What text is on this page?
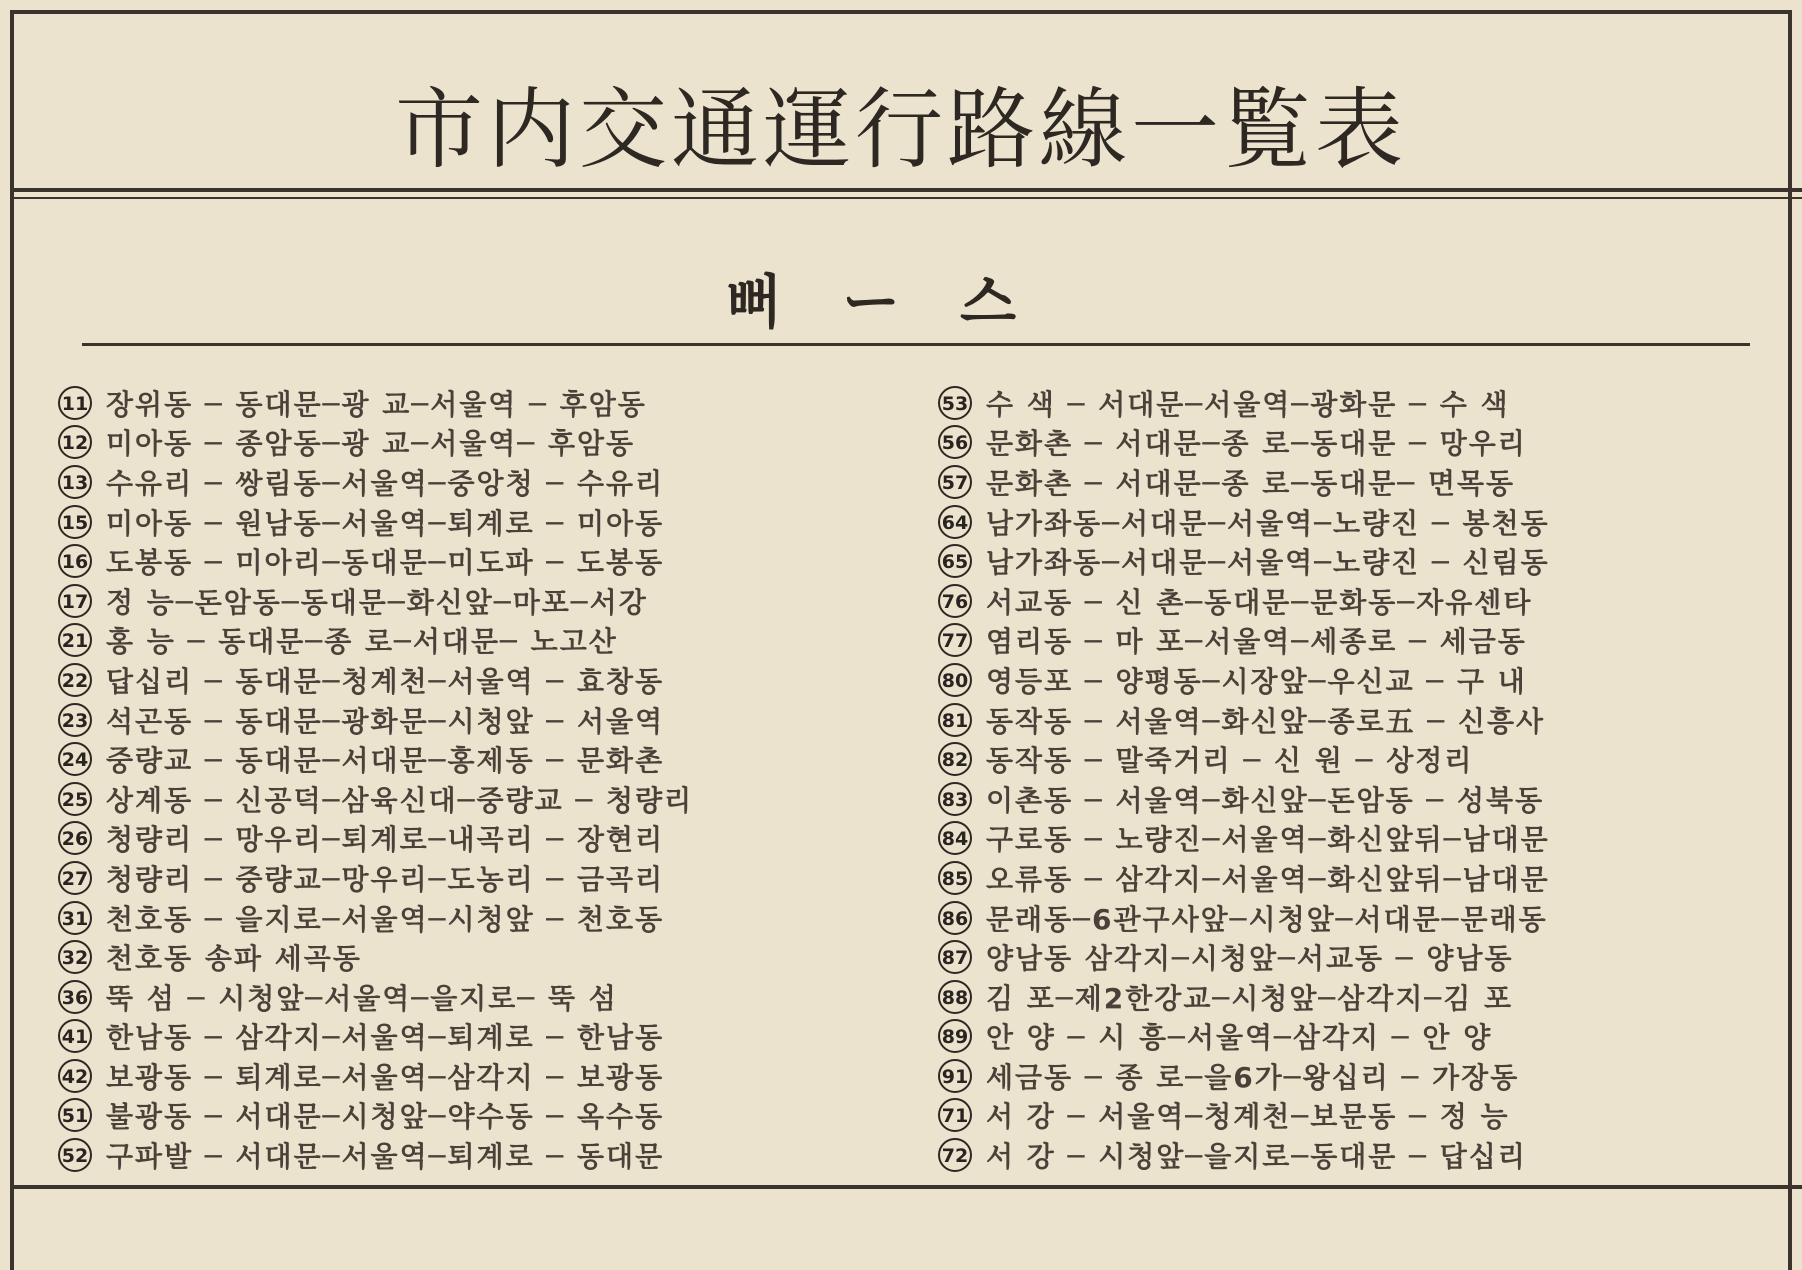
市内交通運行路線一覧表
뻐ー스
11 장위동 ─ 동대문─광 교─서울역 ─ 후암동
12 미아동 ─ 종암동─광 교─서울역─ 후암동
13 수유리 ─ 쌍림동─서울역─중앙청 ─ 수유리
15 미아동 ─ 원남동─서울역─퇴계로 ─ 미아동
16 도봉동 ─ 미아리─동대문─미도파 ─ 도봉동
17 정 능─돈암동─동대문─화신앞─마포─서강
21 홍 능 ─ 동대문─종 로─서대문─ 노고산
22 답십리 ─ 동대문─청계천─서울역 ─ 효창동
23 석곤동 ─ 동대문─광화문─시청앞 ─ 서울역
24 중량교 ─ 동대문─서대문─홍제동 ─ 문화촌
25 상계동 ─ 신공덕─삼육신대─중량교 ─ 청량리
26 청량리 ─ 망우리─퇴계로─내곡리 ─ 장현리
27 청량리 ─ 중량교─망우리─도농리 ─ 금곡리
31 천호동 ─ 을지로─서울역─시청앞 ─ 천호동
32 천호동 송파 세곡동
36 뚝 섬 ─ 시청앞─서울역─을지로─ 뚝 섬
41 한남동 ─ 삼각지─서울역─퇴계로 ─ 한남동
42 보광동 ─ 퇴계로─서울역─삼각지 ─ 보광동
51 불광동 ─ 서대문─시청앞─약수동 ─ 옥수동
52 구파발 ─ 서대문─서울역─퇴계로 ─ 동대문
53 수 색 ─ 서대문─서울역─광화문 ─ 수 색
56 문화촌 ─ 서대문─종 로─동대문 ─ 망우리
57 문화촌 ─ 서대문─종 로─동대문─ 면목동
64 남가좌동─서대문─서울역─노량진 ─ 봉천동
65 남가좌동─서대문─서울역─노량진 ─ 신림동
76 서교동 ─ 신 촌─동대문─문화동─자유센타
77 염리동 ─ 마 포─서울역─세종로 ─ 세금동
80 영등포 ─ 양평동─시장앞─우신교 ─ 구 내
81 동작동 ─ 서울역─화신앞─종로五 ─ 신흥사
82 동작동 ─ 말죽거리 ─ 신 원 ─ 상정리
83 이촌동 ─ 서울역─화신앞─돈암동 ─ 성북동
84 구로동 ─ 노량진─서울역─화신앞뒤─남대문
85 오류동 ─ 삼각지─서울역─화신앞뒤─남대문
86 문래동─6관구사앞─시청앞─서대문─문래동
87 양남동 삼각지─시청앞─서교동 ─ 양남동
88 김 포─제2한강교─시청앞─삼각지─김 포
89 안 양 ─ 시 흥─서울역─삼각지 ─ 안 양
91 세금동 ─ 종 로─을6가─왕십리 ─ 가장동
71 서 강 ─ 서울역─청계천─보문동 ─ 정 능
72 서 강 ─ 시청앞─을지로─동대문 ─ 답십리
